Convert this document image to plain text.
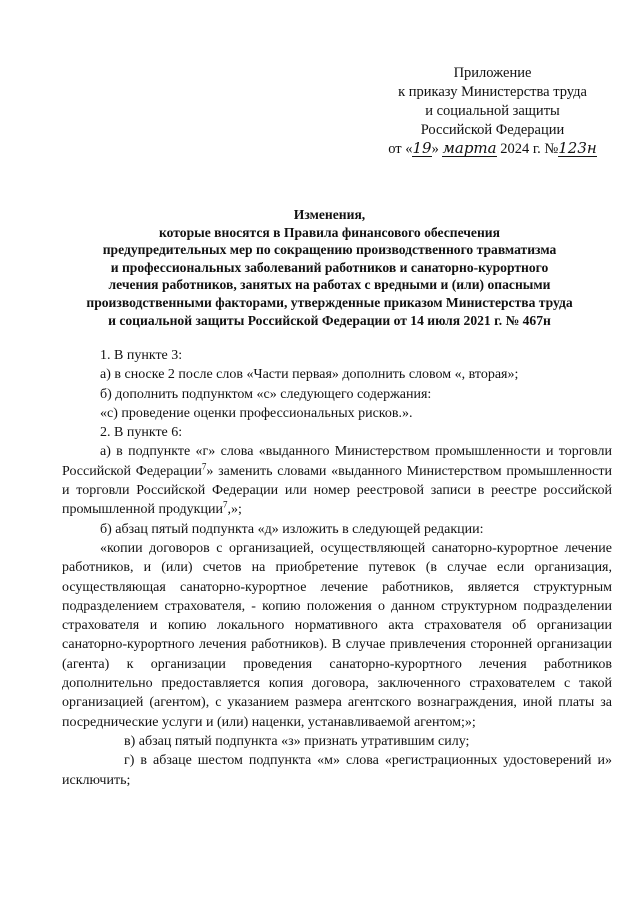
Приложение
к приказу Министерства труда
и социальной защиты
Российской Федерации
от «19» марта 2024 г. №123н
Изменения,
которые вносятся в Правила финансового обеспечения
предупредительных мер по сокращению производственного травматизма
и профессиональных заболеваний работников и санаторно-курортного
лечения работников, занятых на работах с вредными и (или) опасными
производственными факторами, утвержденные приказом Министерства труда
и социальной защиты Российской Федерации от 14 июля 2021 г. № 467н

1. В пункте 3:

а) в сноске 2 после слов «Части первая» дополнить словом «, вторая»;

б) дополнить подпунктом «с» следующего содержания:

«с) проведение оценки профессиональных рисков.».

2. В пункте 6:

а) в подпункте «г» слова «выданного Министерством промышленности и торговли Российской Федерации$^7$» заменить словами «выданного Министерством промышленности и торговли Российской Федерации или номер реестровой записи в реестре российской промышленной продукции$^7$,»;

б) абзац пятый подпункта «д» изложить в следующей редакции:

«копии договоров с организацией, осуществляющей санаторно-курортное лечение работников, и (или) счетов на приобретение путевок (в случае если организация, осуществляющая санаторно-курортное лечение работников, является структурным подразделением страхователя, - копию положения о данном структурном подразделении страхователя и копию локального нормативного акта страхователя об организации санаторно-курортного лечения работников). В случае привлечения сторонней организации (агента) к организации проведения санаторно-курортного лечения работников дополнительно предоставляется копия договора, заключенного страхователем с такой организацией (агентом), с указанием размера агентского вознаграждения, иной платы за посреднические услуги и (или) наценки, устанавливаемой агентом;»;

в) абзац пятый подпункта «з» признать утратившим силу;

г) в абзаце шестом подпункта «м» слова «регистрационных удостоверений и» исключить;
